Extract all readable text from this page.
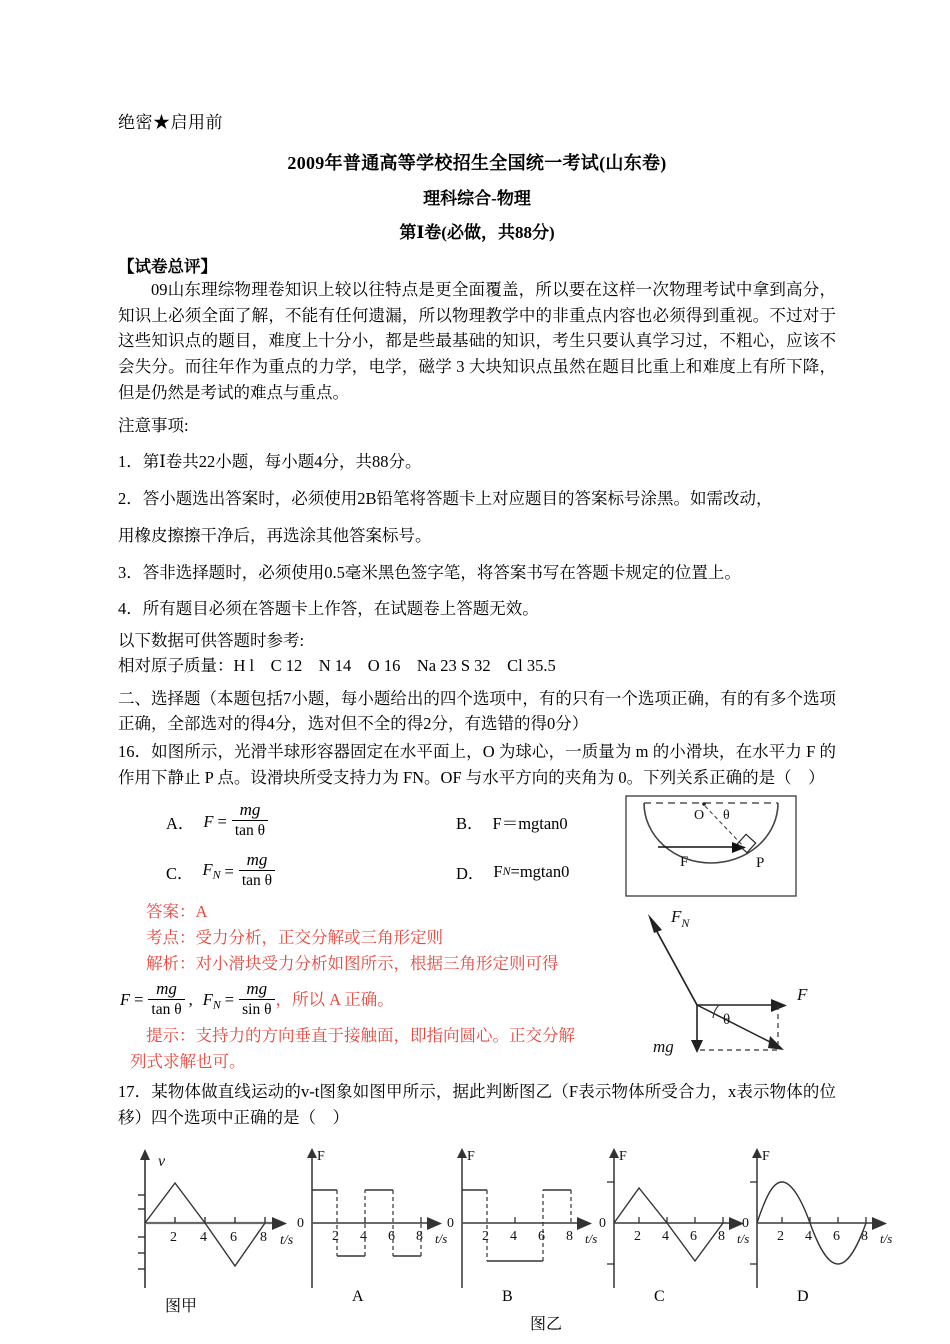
绝密★启用前
2009年普通高等学校招生全国统一考试(山东卷)
理科综合-物理
第Ⅰ卷(必做，共88分)
【试卷总评】

09山东理综物理卷知识上较以往特点是更全面覆盖，所以要在这样一次物理考试中拿到高分，知识上必须全面了解，不能有任何遗漏，所以物理教学中的非重点内容也必须得到重视。不过对于这些知识点的题目，难度上十分小，都是些最基础的知识，考生只要认真学习过，不粗心，应该不会失分。而往年作为重点的力学，电学，磁学 3 大块知识点虽然在题目比重上和难度上有所下降，但是仍然是考试的难点与重点。

注意事项:
1．第Ⅰ卷共22小题，每小题4分，共88分。
2．答小题选出答案时，必须使用2B铅笔将答题卡上对应题目的答案标号涂黑。如需改动，
用橡皮擦擦干净后，再选涂其他答案标号。
3．答非选择题时，必须使用0.5毫米黑色签字笔，将答案书写在答题卡规定的位置上。
4．所有题目必须在答题卡上作答，在试题卷上答题无效。
以下数据可供答题时参考:
相对原子质量：H l　C 12　N 14　O 16　Na 23 S 32　Cl 35.5

二、选择题（本题包括7小题，每小题给出的四个选项中，有的只有一个选项正确，有的有多个选项正确，全部选对的得4分，选对但不全的得2分，有选错的得0分）

16．如图所示，光滑半球形容器固定在水平面上，O 为球心，一质量为 m 的小滑块，在水平力 F 的作用下静止 P 点。设滑块所受支持力为 FN。OF 与水平方向的夹角为 0。下列关系正确的是（　）

A． $F = \frac{mg}{\text{tan θ}}$	B． F＝mgtan0
C． $F_N = \frac{mg}{\text{tan θ}}$	D． F N =mgtan0
答案：A
考点：受力分析，正交分解或三角形定则
解析：对小滑块受力分析如图所示，根据三角形定则可得
$F = \frac{mg}{\text{tan θ}}$ , $F_N = \frac{mg}{\text{sin θ}}$ ，所以 A 正确。
提示：支持力的方向垂直于接触面，即指向圆心。正交分解
列式求解也可。

17．某物体做直线运动的v-t图象如图甲所示，据此判断图乙（F表示物体所受合力，x表示物体的位移）四个选项中正确的是（　）

O θ
F	P
$F_N$
mg
F
θ
v
t/s
2 4 6 8
图甲
F
0
t/s
2 4 6 8
A
F
0
t/s
2 4 6 8
B
F
0
t/s
2 4 6 8
C
F
0
t/s
2 4 6 8
D
图乙
